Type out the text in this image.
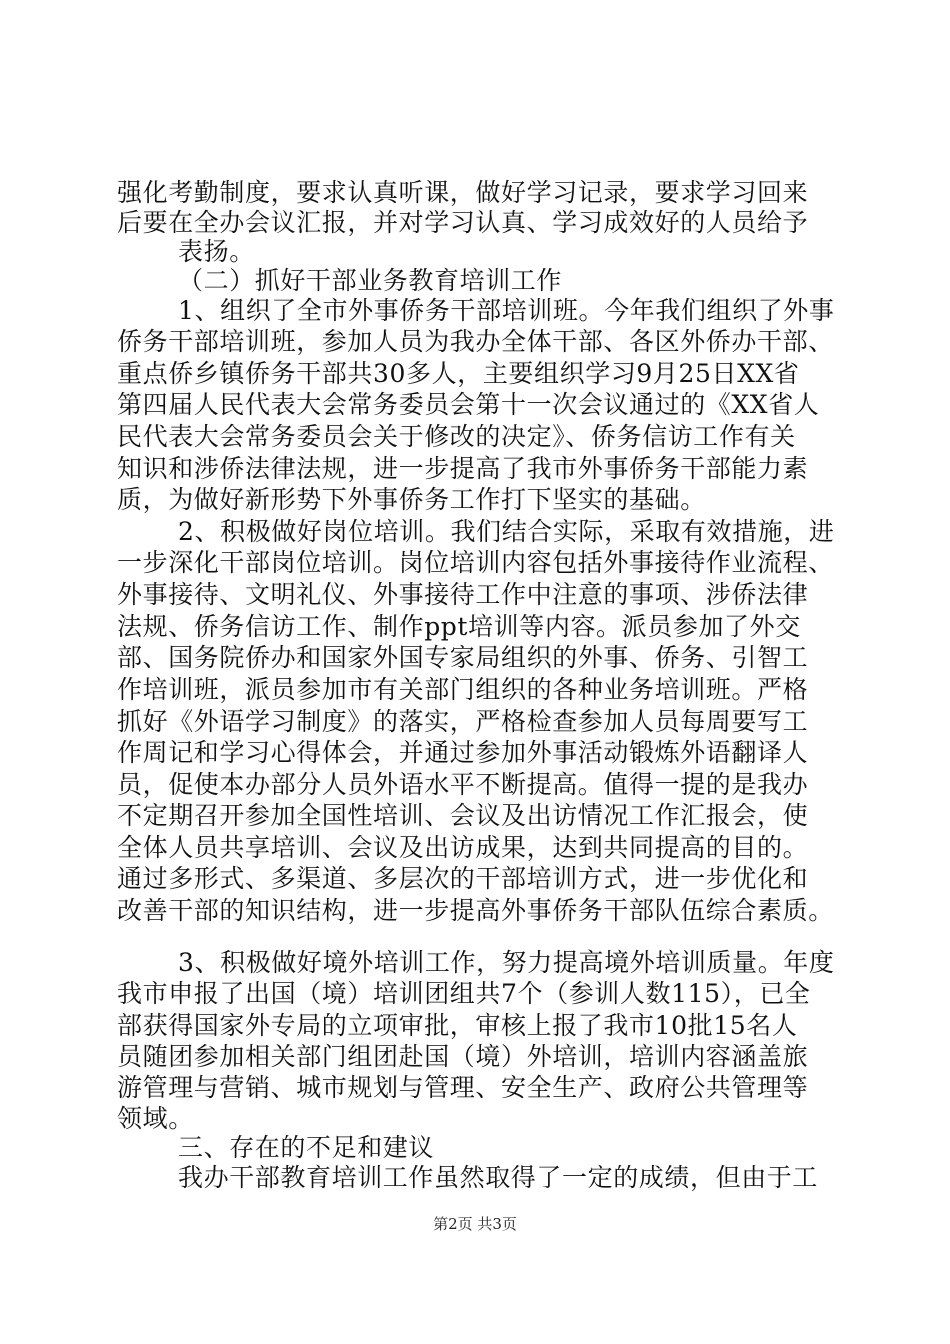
强化考勤制度，要求认真听课，做好学习记录，要求学习回来
后要在全办会议汇报，并对学习认真、学习成效好的人员给予
表扬。
（二）抓好干部业务教育培训工作
1、组织了全市外事侨务干部培训班。今年我们组织了外事
侨务干部培训班，参加人员为我办全体干部、各区外侨办干部、
重点侨乡镇侨务干部共30多人，主要组织学习9月25日XX省
第四届人民代表大会常务委员会第十一次会议通过的《XX省人
民代表大会常务委员会关于修改的决定》、侨务信访工作有关
知识和涉侨法律法规，进一步提高了我市外事侨务干部能力素
质，为做好新形势下外事侨务工作打下坚实的基础。
2、积极做好岗位培训。我们结合实际，采取有效措施，进
一步深化干部岗位培训。岗位培训内容包括外事接待作业流程、
外事接待、文明礼仪、外事接待工作中注意的事项、涉侨法律
法规、侨务信访工作、制作ppt培训等内容。派员参加了外交
部、国务院侨办和国家外国专家局组织的外事、侨务、引智工
作培训班，派员参加市有关部门组织的各种业务培训班。严格
抓好《外语学习制度》的落实，严格检查参加人员每周要写工
作周记和学习心得体会，并通过参加外事活动锻炼外语翻译人
员，促使本办部分人员外语水平不断提高。值得一提的是我办
不定期召开参加全国性培训、会议及出访情况工作汇报会，使
全体人员共享培训、会议及出访成果，达到共同提高的目的。
通过多形式、多渠道、多层次的干部培训方式，进一步优化和
改善干部的知识结构，进一步提高外事侨务干部队伍综合素质。
3、积极做好境外培训工作，努力提高境外培训质量。年度
我市申报了出国（境）培训团组共7个（参训人数115），已全
部获得国家外专局的立项审批，审核上报了我市10批15名人
员随团参加相关部门组团赴国（境）外培训，培训内容涵盖旅
游管理与营销、城市规划与管理、安全生产、政府公共管理等
领域。
三、存在的不足和建议
我办干部教育培训工作虽然取得了一定的成绩，但由于工
第2页 共3页
